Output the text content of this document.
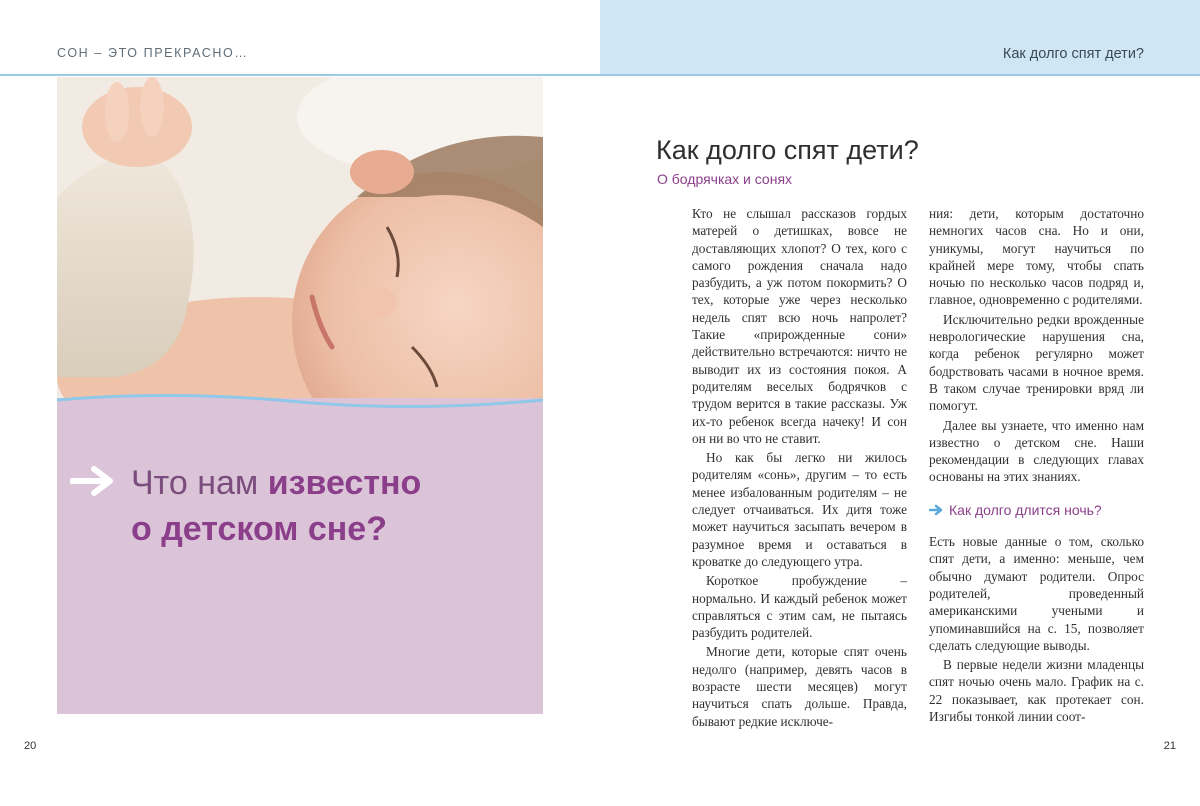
СОН – ЭТО ПРЕКРАСНО…	Как долго спят дети?
Что нам известно
о детском сне?
Как долго спят дети?
О бодрячках и сонях

Кто не слышал рассказов гордых матерей о детишках, вовсе не доставляющих хлопот? О тех, кого с самого рождения сначала надо разбудить, а уж потом покормить? О тех, которые уже через несколько недель спят всю ночь напролет? Такие «прирожденные сони» действительно встречаются: ничто не выводит их из состояния покоя. А родителям веселых бодрячков с трудом верится в такие рассказы. Уж их-то ребенок всегда начеку! И сон он ни во что не ставит.

Но как бы легко ни жилось родителям «сонь», другим – то есть менее избалованным родителям – не следует отчаиваться. Их дитя тоже может научиться засыпать вечером в разумное время и оставаться в кроватке до следующего утра.

Короткое пробуждение – нормально. И каждый ребенок может справляться с этим сам, не пытаясь разбудить родителей.

Многие дети, которые спят очень недолго (например, девять часов в возрасте шести месяцев) могут научиться спать дольше. Правда, бывают редкие исключе-

ния: дети, которым достаточно немногих часов сна. Но и они, уникумы, могут научиться по крайней мере тому, чтобы спать ночью по несколько часов подряд и, главное, одновременно с родителями.

Исключительно редки врожденные неврологические нарушения сна, когда ребенок регулярно может бодрствовать часами в ночное время. В таком случае тренировки вряд ли помогут.

Далее вы узнаете, что именно нам известно о детском сне. Наши рекомендации в следующих главах основаны на этих знаниях.

Как долго длится ночь?

Есть новые данные о том, сколько спят дети, а именно: меньше, чем обычно думают родители. Опрос родителей, проведенный американскими учеными и упоминавшийся на с. 15, позволяет сделать следующие выводы.

В первые недели жизни младенцы спят ночью очень мало. График на с. 22 показывает, как протекает сон. Изгибы тонкой линии соот-

20	21
